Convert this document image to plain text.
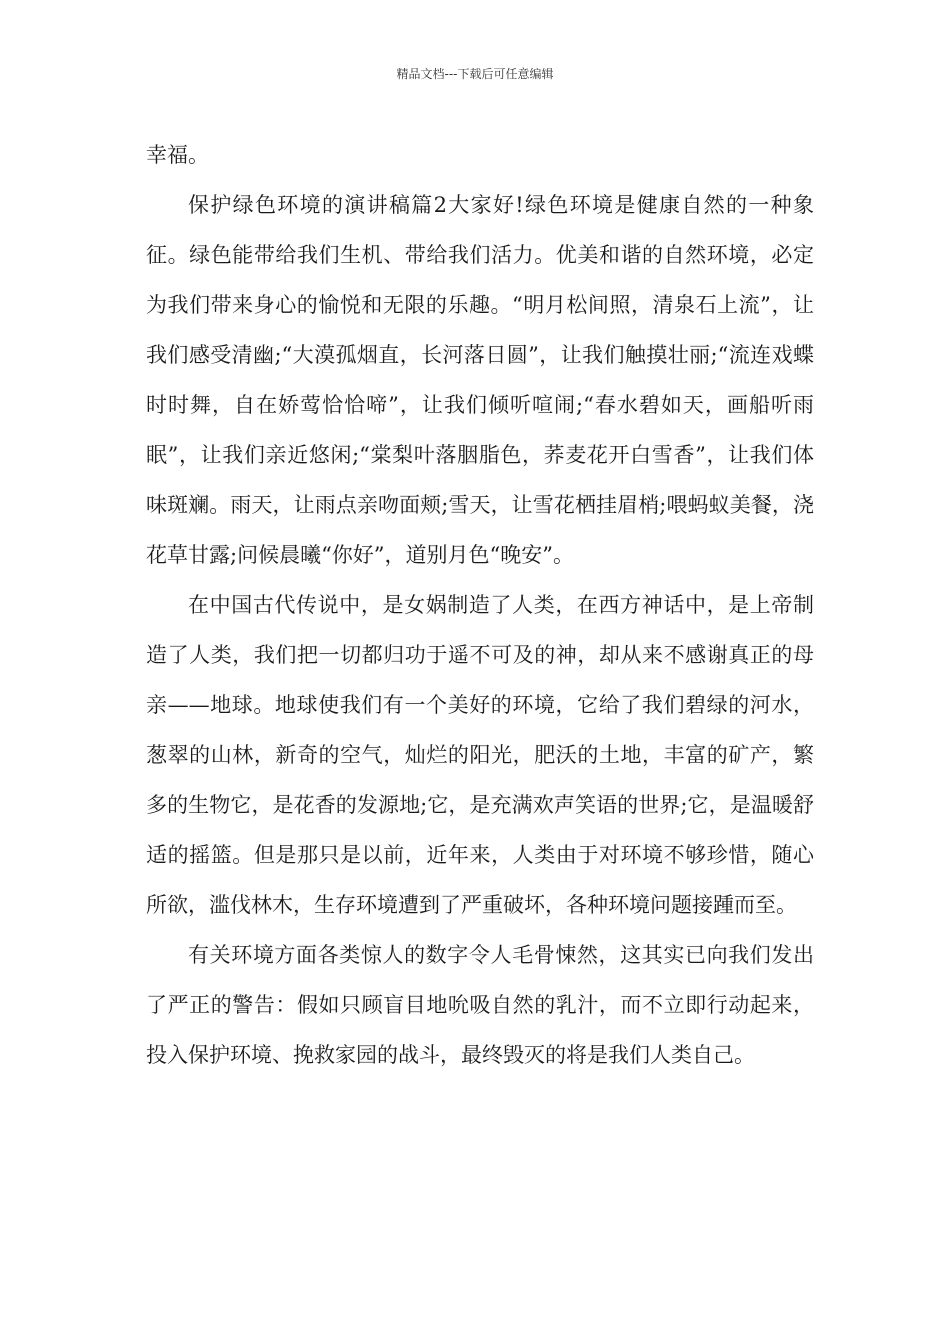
精品文档---下载后可任意编辑

幸福。

保护绿色环境的演讲稿篇2大家好!绿色环境是健康自然的一种象征。绿色能带给我们生机、带给我们活力。优美和谐的自然环境，必定为我们带来身心的愉悦和无限的乐趣。“明月松间照，清泉石上流”，让我们感受清幽;“大漠孤烟直，长河落日圆”，让我们触摸壮丽;“流连戏蝶时时舞，自在娇莺恰恰啼”，让我们倾听喧闹;“春水碧如天，画船听雨眠”，让我们亲近悠闲;“棠梨叶落胭脂色，荞麦花开白雪香”，让我们体味斑斓。雨天，让雨点亲吻面颊;雪天，让雪花栖挂眉梢;喂蚂蚁美餐，浇花草甘露;问候晨曦“你好”，道别月色“晚安”。

在中国古代传说中，是女娲制造了人类，在西方神话中，是上帝制造了人类，我们把一切都归功于遥不可及的神，却从来不感谢真正的母亲——地球。地球使我们有一个美好的环境，它给了我们碧绿的河水，葱翠的山林，新奇的空气，灿烂的阳光，肥沃的土地，丰富的矿产，繁多的生物它，是花香的发源地;它，是充满欢声笑语的世界;它，是温暖舒适的摇篮。但是那只是以前，近年来，人类由于对环境不够珍惜，随心所欲，滥伐林木，生存环境遭到了严重破坏，各种环境问题接踵而至。

有关环境方面各类惊人的数字令人毛骨悚然，这其实已向我们发出了严正的警告：假如只顾盲目地吮吸自然的乳汁，而不立即行动起来，投入保护环境、挽救家园的战斗，最终毁灭的将是我们人类自己。
